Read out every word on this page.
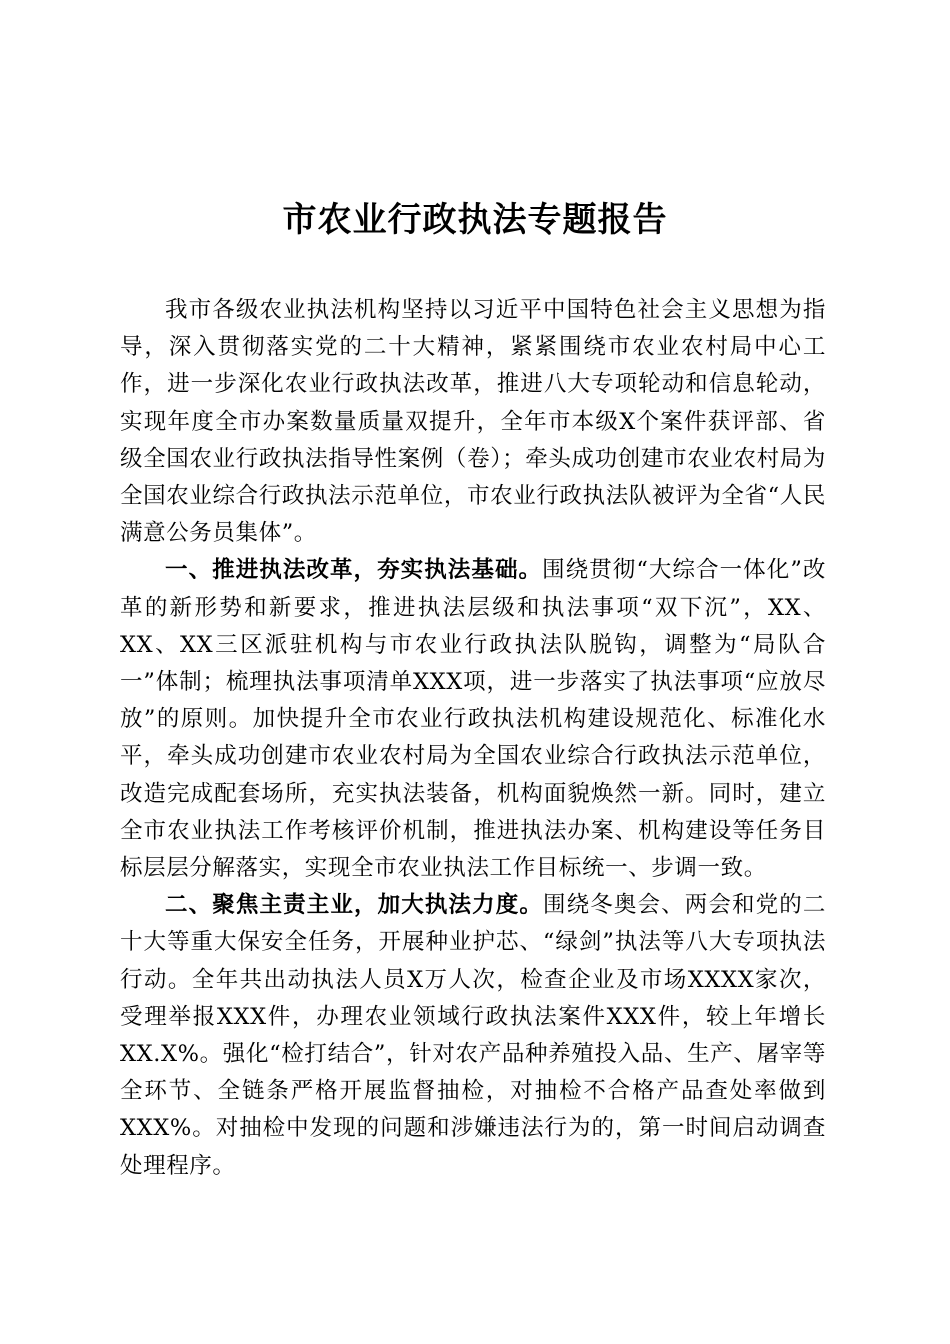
市农业行政执法专题报告

我市各级农业执法机构坚持以习近平中国特色社会主义思想为指导，深入贯彻落实党的二十大精神，紧紧围绕市农业农村局中心工作，进一步深化农业行政执法改革，推进八大专项轮动和信息轮动，实现年度全市办案数量质量双提升，全年市本级X个案件获评部、省级全国农业行政执法指导性案例（卷）；牵头成功创建市农业农村局为全国农业综合行政执法示范单位，市农业行政执法队被评为全省“人民满意公务员集体”。

一、推进执法改革，夯实执法基础。围绕贯彻“大综合一体化”改革的新形势和新要求，推进执法层级和执法事项“双下沉”，XX、XX、XX三区派驻机构与市农业行政执法队脱钩，调整为“局队合一”体制；梳理执法事项清单XXX项，进一步落实了执法事项“应放尽放”的原则。加快提升全市农业行政执法机构建设规范化、标准化水平，牵头成功创建市农业农村局为全国农业综合行政执法示范单位，改造完成配套场所，充实执法装备，机构面貌焕然一新。同时，建立全市农业执法工作考核评价机制，推进执法办案、机构建设等任务目标层层分解落实，实现全市农业执法工作目标统一、步调一致。

二、聚焦主责主业，加大执法力度。围绕冬奥会、两会和党的二十大等重大保安全任务，开展种业护芯、“绿剑”执法等八大专项执法行动。全年共出动执法人员X万人次，检查企业及市场XXXX家次，受理举报XXX件，办理农业领域行政执法案件XXX件，较上年增长XX.X%。强化“检打结合”，针对农产品种养殖投入品、生产、屠宰等全环节、全链条严格开展监督抽检，对抽检不合格产品查处率做到XXX%。对抽检中发现的问题和涉嫌违法行为的，第一时间启动调查处理程序。
